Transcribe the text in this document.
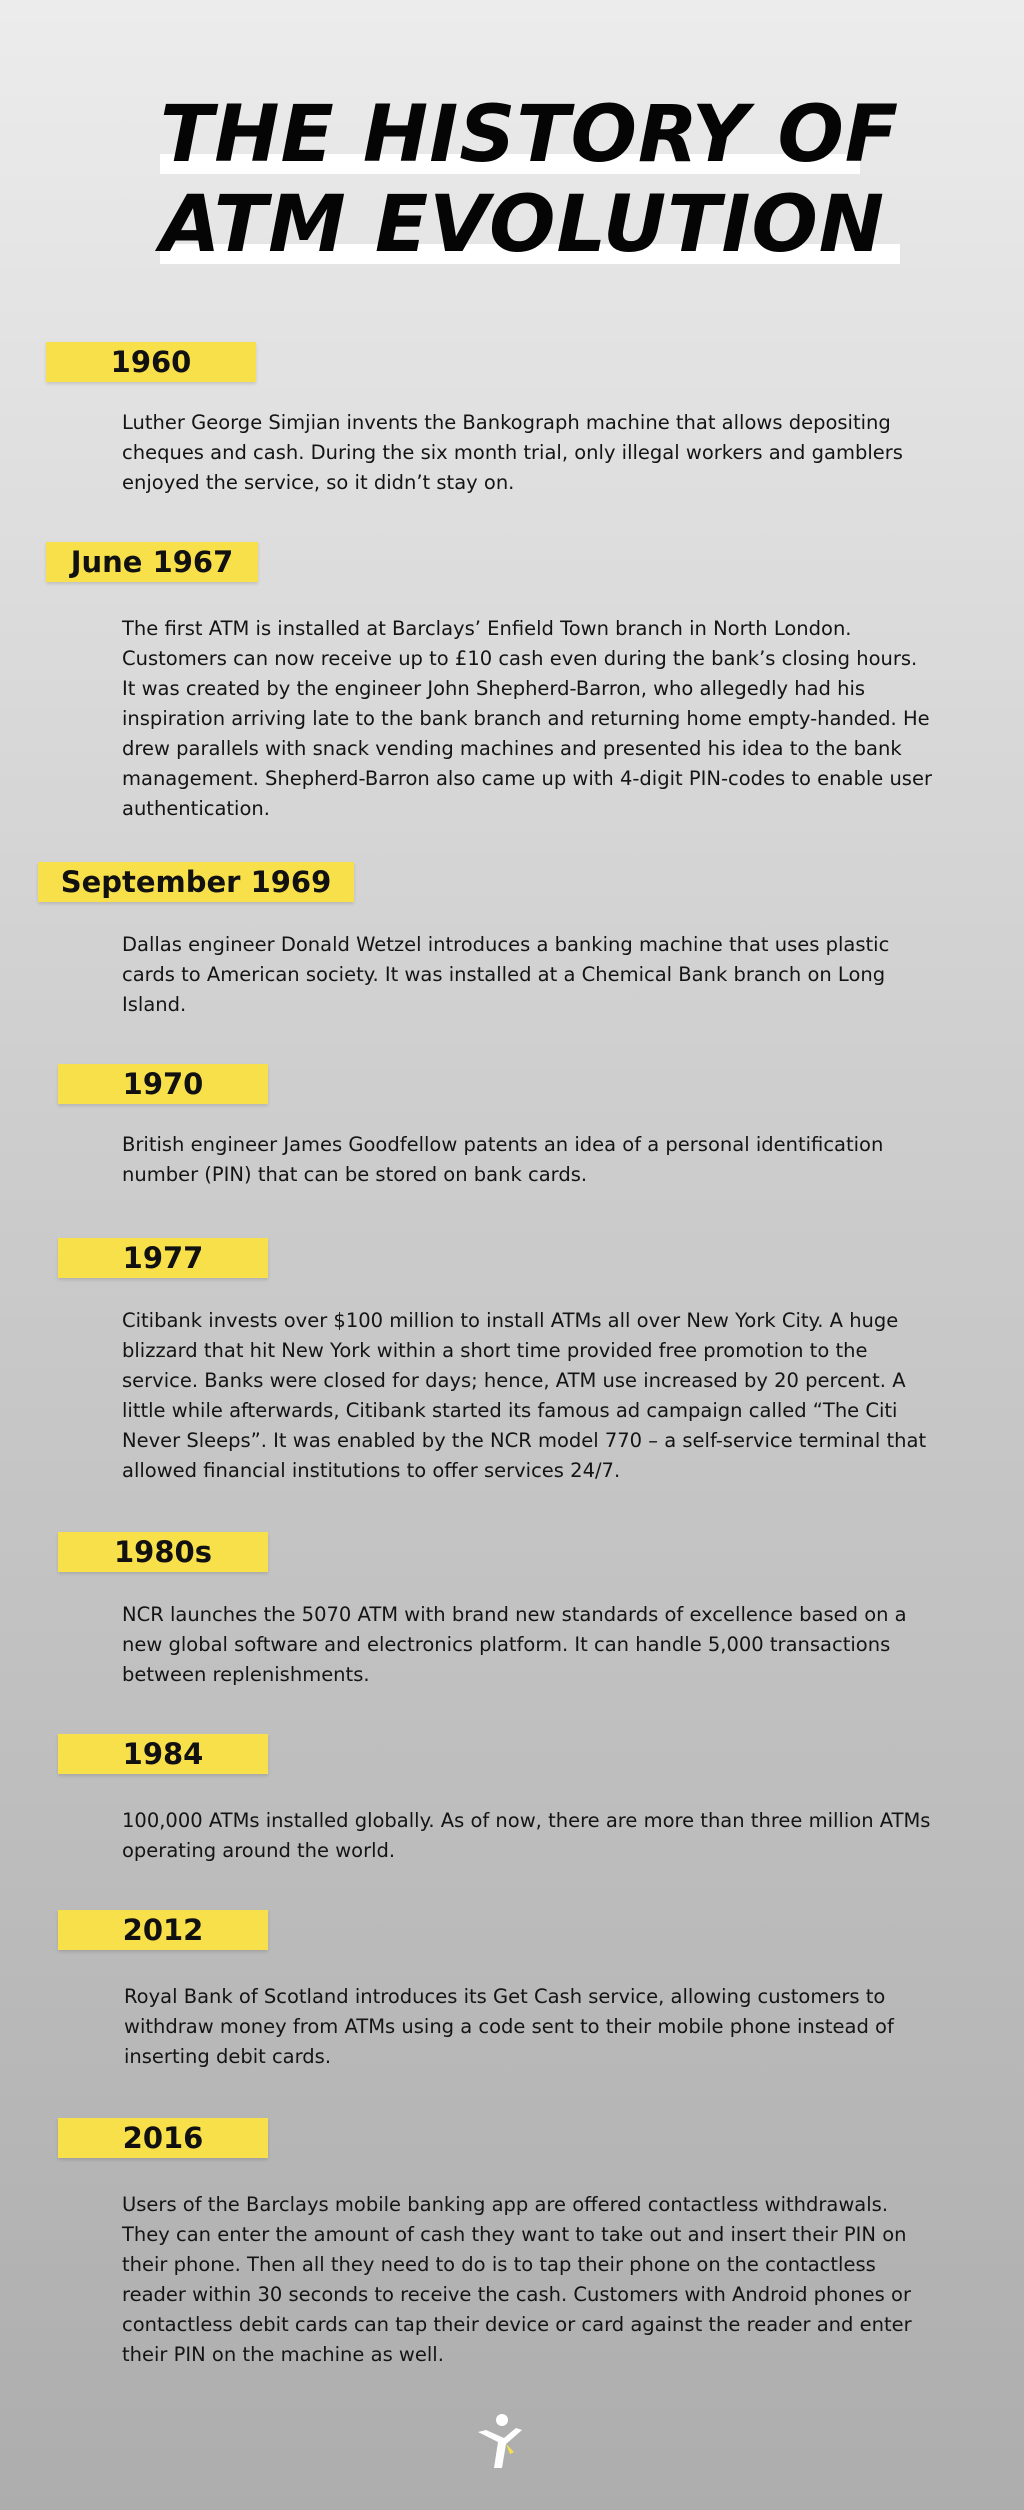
THE HISTORY OF
ATM EVOLUTION
1960

Luther George Simjian invents the Bankograph machine that allows depositing cheques and cash. During the six month trial, only illegal workers and gamblers enjoyed the service, so it didn’t stay on.

June 1967

The first ATM is installed at Barclays’ Enfield Town branch in North London. Customers can now receive up to £10 cash even during the bank’s closing hours. It was created by the engineer John Shepherd-Barron, who allegedly had his inspiration arriving late to the bank branch and returning home empty-handed. He drew parallels with snack vending machines and presented his idea to the bank management. Shepherd-Barron also came up with 4-digit PIN-codes to enable user authentication.

September 1969

Dallas engineer Donald Wetzel introduces a banking machine that uses plastic cards to American society. It was installed at a Chemical Bank branch on Long Island.

1970

British engineer James Goodfellow patents an idea of a personal identification number (PIN) that can be stored on bank cards.

1977

Citibank invests over $100 million to install ATMs all over New York City. A huge blizzard that hit New York within a short time provided free promotion to the service. Banks were closed for days; hence, ATM use increased by 20 percent. A little while afterwards, Citibank started its famous ad campaign called “The Citi Never Sleeps”. It was enabled by the NCR model 770 – a self-service terminal that allowed financial institutions to offer services 24/7.

1980s

NCR launches the 5070 ATM with brand new standards of excellence based on a new global software and electronics platform. It can handle 5,000 transactions between replenishments.

1984

100,000 ATMs installed globally. As of now, there are more than three million ATMs operating around the world.

2012

Royal Bank of Scotland introduces its Get Cash service, allowing customers to withdraw money from ATMs using a code sent to their mobile phone instead of inserting debit cards.

2016

Users of the Barclays mobile banking app are offered contactless withdrawals. They can enter the amount of cash they want to take out and insert their PIN on their phone. Then all they need to do is to tap their phone on the contactless reader within 30 seconds to receive the cash. Customers with Android phones or contactless debit cards can tap their device or card against the reader and enter their PIN on the machine as well.
